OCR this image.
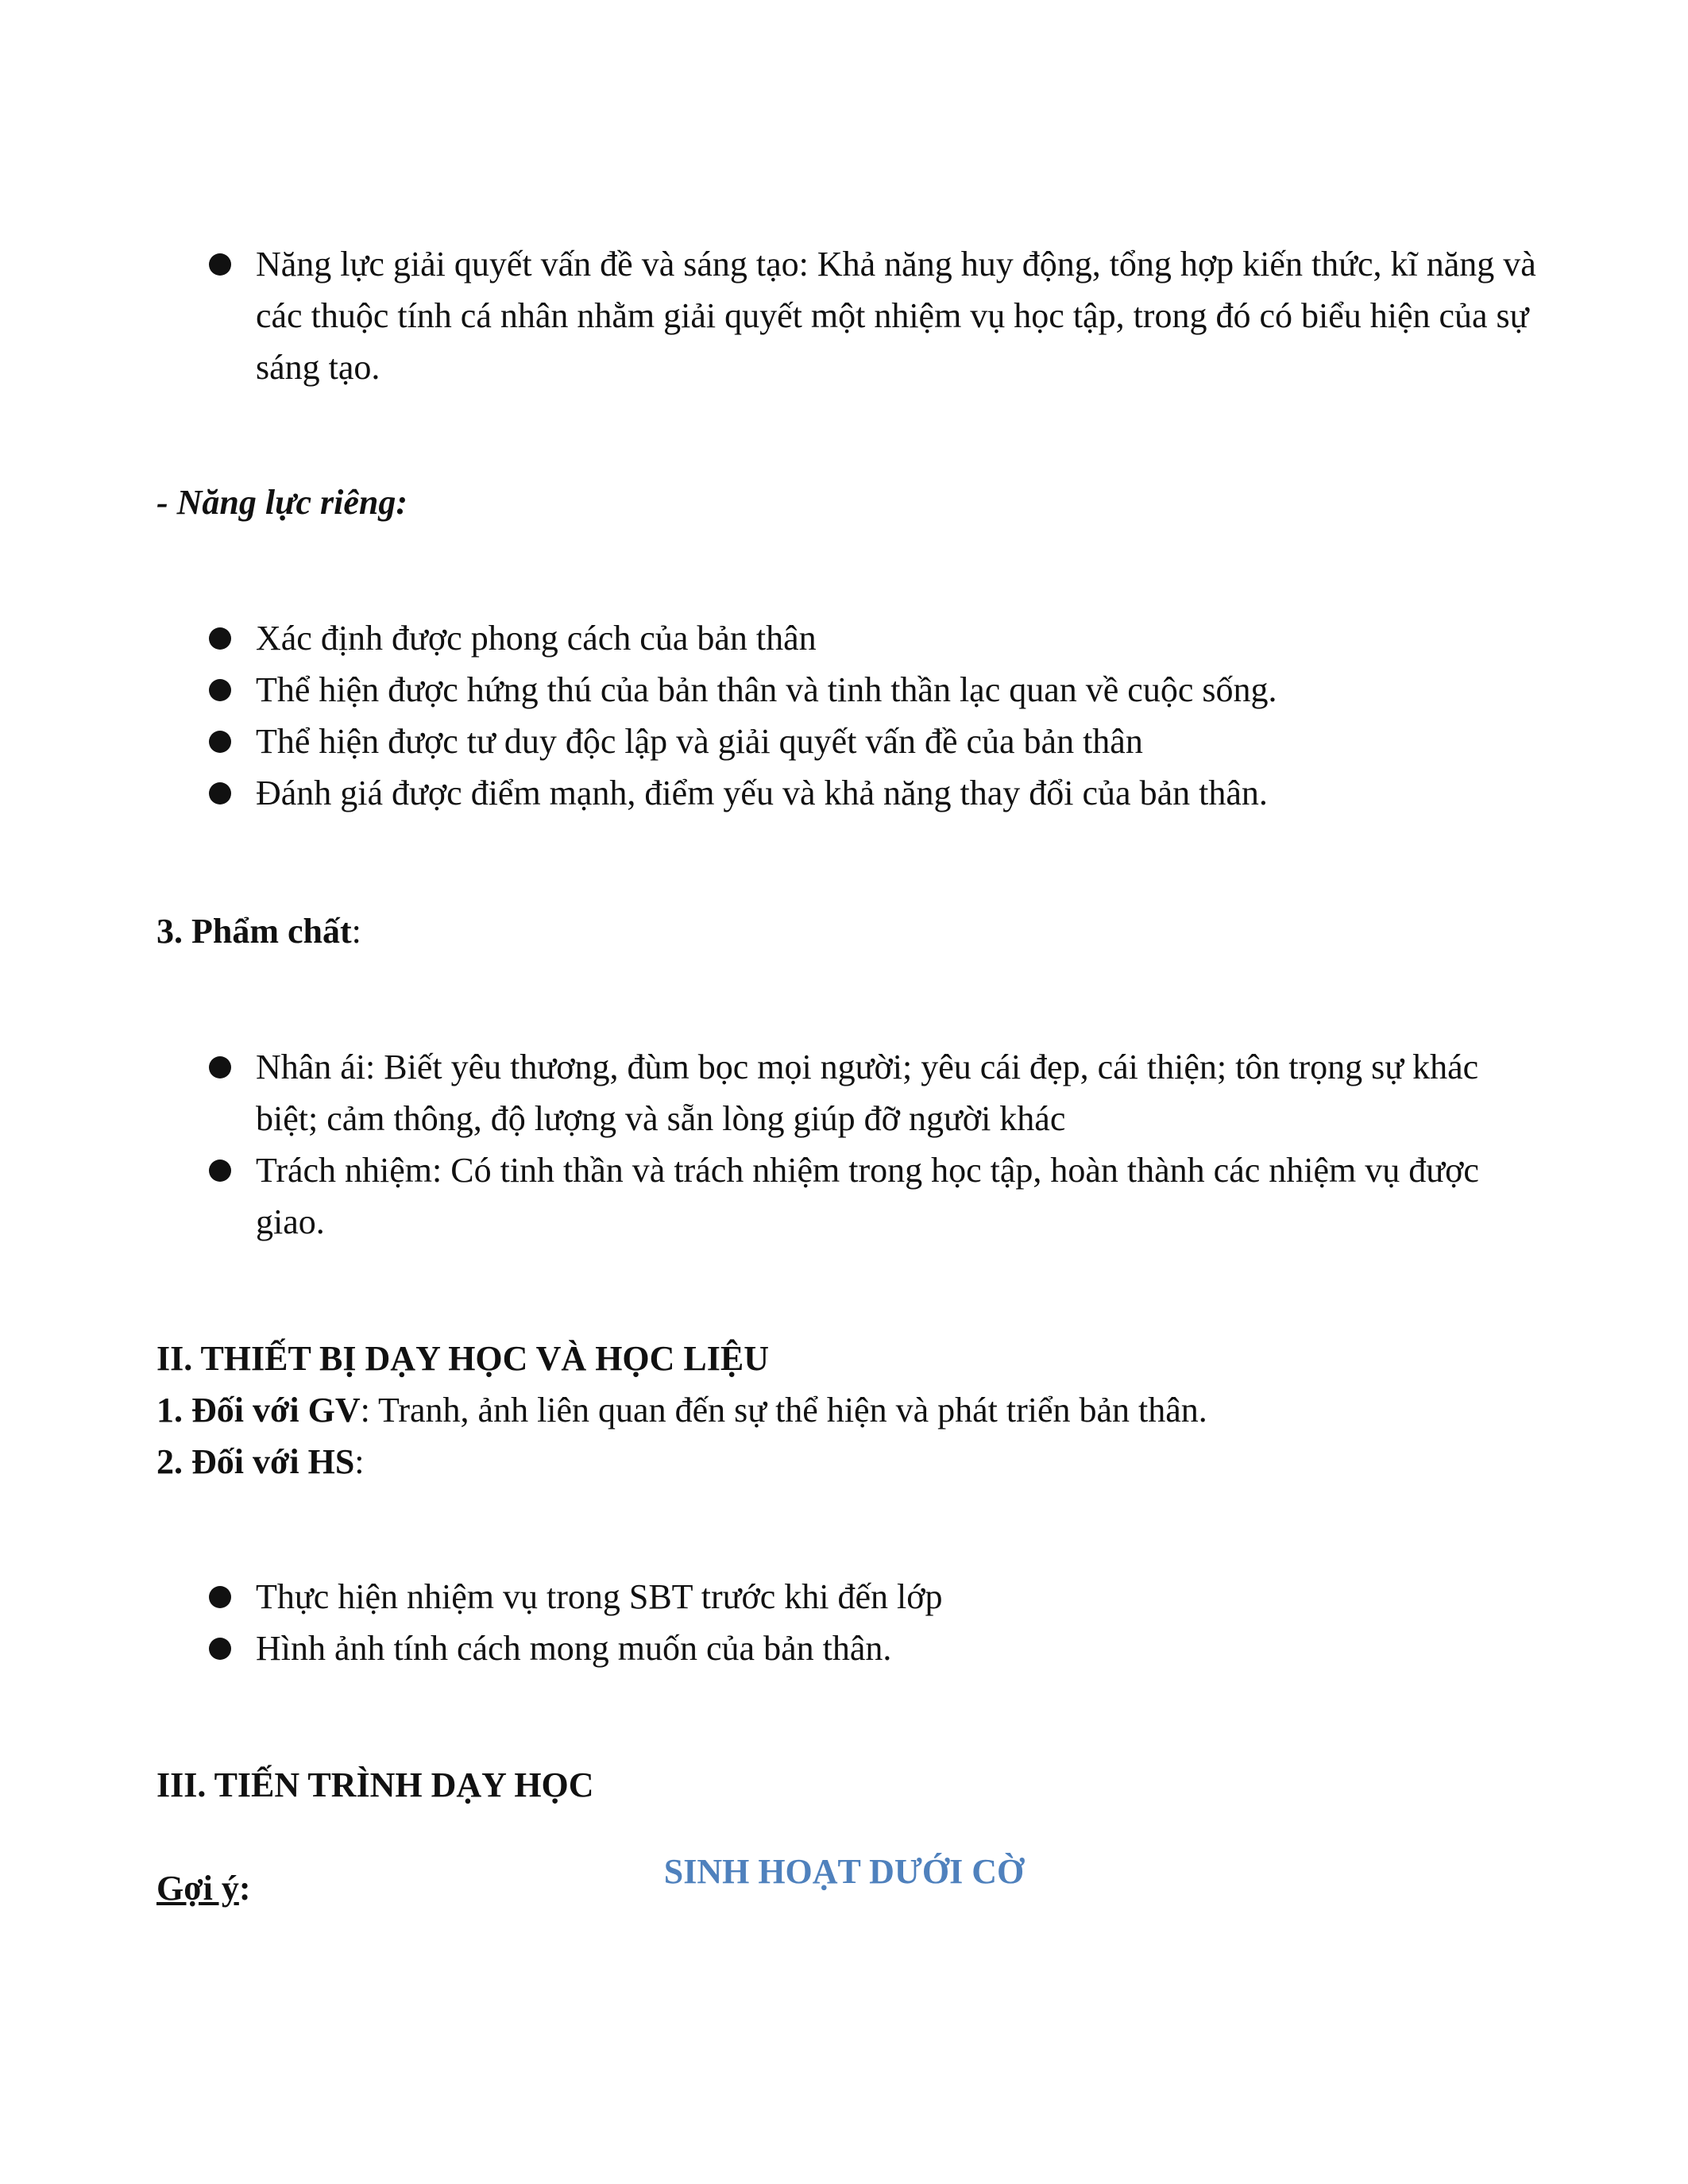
Năng lực giải quyết vấn đề và sáng tạo: Khả năng huy động, tổng hợp kiến thức, kĩ năng và các thuộc tính cá nhân nhằm giải quyết một nhiệm vụ học tập, trong đó có biểu hiện của sự sáng tạo.

- Năng lực riêng:

Xác định được phong cách của bản thân
Thể hiện được hứng thú của bản thân và tinh thần lạc quan về cuộc sống.
Thể hiện được tư duy độc lập và giải quyết vấn đề của bản thân
Đánh giá được điểm mạnh, điểm yếu và khả năng thay đổi của bản thân.

3. Phẩm chất:

Nhân ái: Biết yêu thương, đùm bọc mọi người; yêu cái đẹp, cái thiện; tôn trọng sự khác biệt; cảm thông, độ lượng và sẵn lòng giúp đỡ người khác
Trách nhiệm: Có tinh thần và trách nhiệm trong học tập, hoàn thành các nhiệm vụ được giao.

II. THIẾT BỊ DẠY HỌC VÀ HỌC LIỆU

1. Đối với GV: Tranh, ảnh liên quan đến sự thể hiện và phát triển bản thân.

2. Đối với HS:

Thực hiện nhiệm vụ trong SBT trước khi đến lớp
Hình ảnh tính cách mong muốn của bản thân.

III. TIẾN TRÌNH DẠY HỌC

SINH HOẠT DƯỚI CỜ

Gợi ý:
